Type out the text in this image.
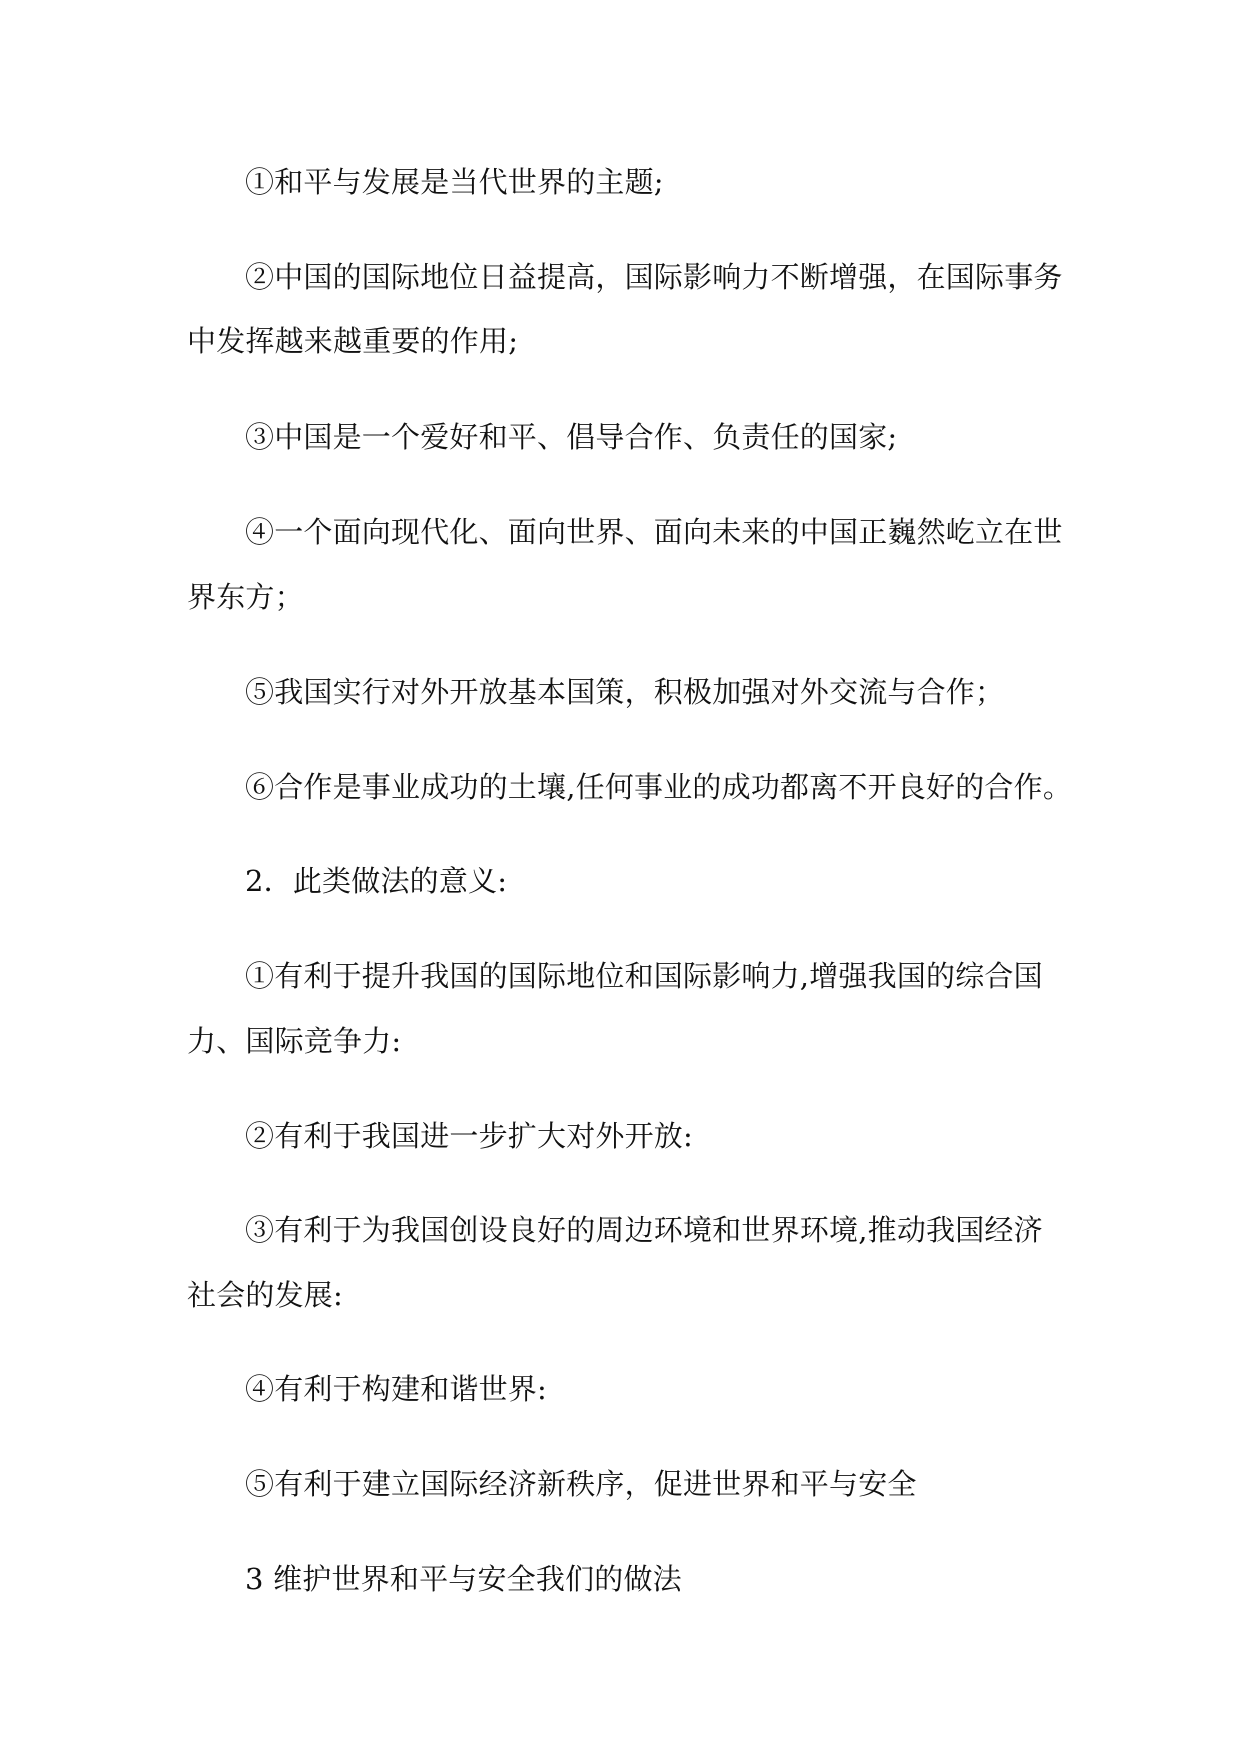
①和平与发展是当代世界的主题;
②中国的国际地位日益提高，国际影响力不断增强，在国际事务
中发挥越来越重要的作用;
③中国是一个爱好和平、倡导合作、负责任的国家;
④一个面向现代化、面向世界、面向未来的中国正巍然屹立在世
界东方；
⑤我国实行对外开放基本国策，积极加强对外交流与合作；
⑥合作是事业成功的土壤,任何事业的成功都离不开良好的合作。
2．此类做法的意义:
①有利于提升我国的国际地位和国际影响力,增强我国的综合国
力、国际竞争力:
②有利于我国进一步扩大对外开放:
③有利于为我国创设良好的周边环境和世界环境,推动我国经济
社会的发展:
④有利于构建和谐世界:
⑤有利于建立国际经济新秩序，促进世界和平与安全
3 维护世界和平与安全我们的做法
